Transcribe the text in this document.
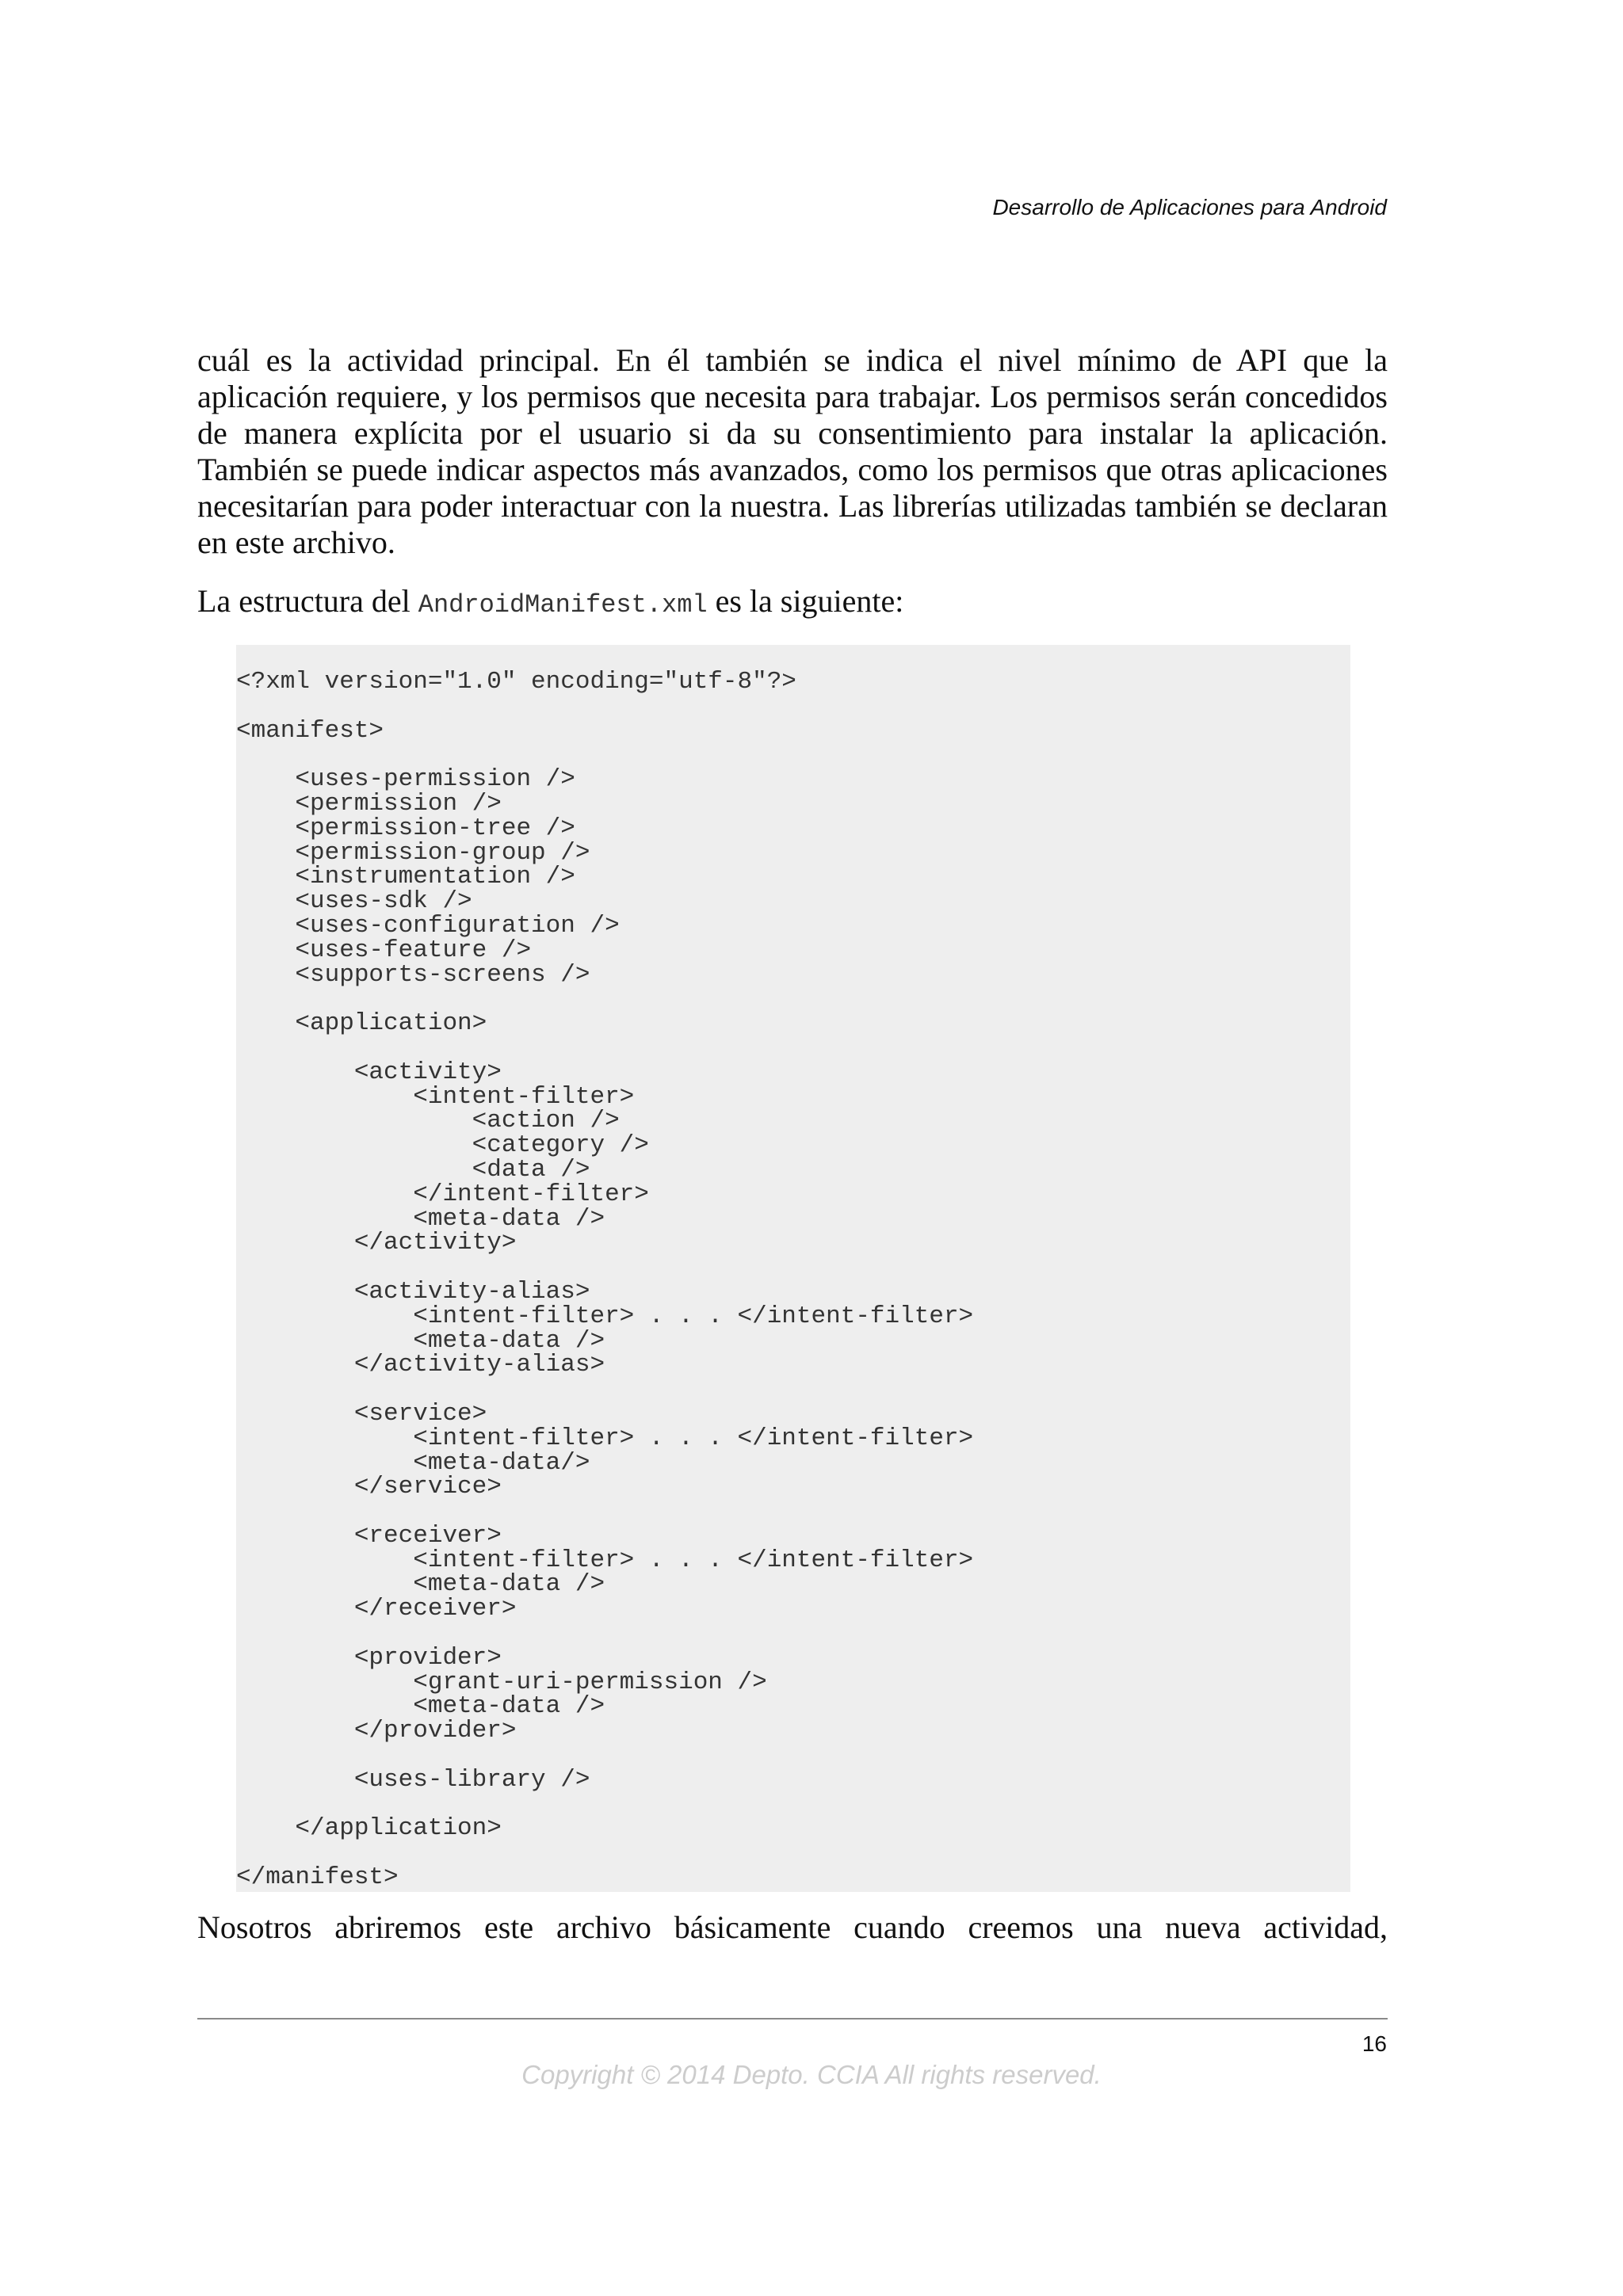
Desarrollo de Aplicaciones para Android

cuál es la actividad principal. En él también se indica el nivel mínimo de API que la aplicación requiere, y los permisos que necesita para trabajar. Los permisos serán concedidos de manera explícita por el usuario si da su consentimiento para instalar la aplicación. También se puede indicar aspectos más avanzados, como los permisos que otras aplicaciones necesitarían para poder interactuar con la nuestra. Las librerías utilizadas también se declaran en este archivo.

La estructura del AndroidManifest.xml es la siguiente:

<?xml version="1.0" encoding="utf-8"?>

<manifest>

<uses-permission />
<permission />
<permission-tree />
<permission-group />
<instrumentation />
<uses-sdk />
<uses-configuration />
<uses-feature />
<supports-screens />

<application>

<activity>
<intent-filter>
<action />
<category />
<data />
</intent-filter>
<meta-data />
</activity>

<activity-alias>
<intent-filter> . . . </intent-filter>
<meta-data />
</activity-alias>

<service>
<intent-filter> . . . </intent-filter>
<meta-data/>
</service>

<receiver>
<intent-filter> . . . </intent-filter>
<meta-data />
</receiver>

<provider>
<grant-uri-permission />
<meta-data />
</provider>

<uses-library />

</application>

</manifest>

Nosotros abriremos este archivo básicamente cuando creemos una nueva actividad,

16
Copyright © 2014 Depto. CCIA All rights reserved.
